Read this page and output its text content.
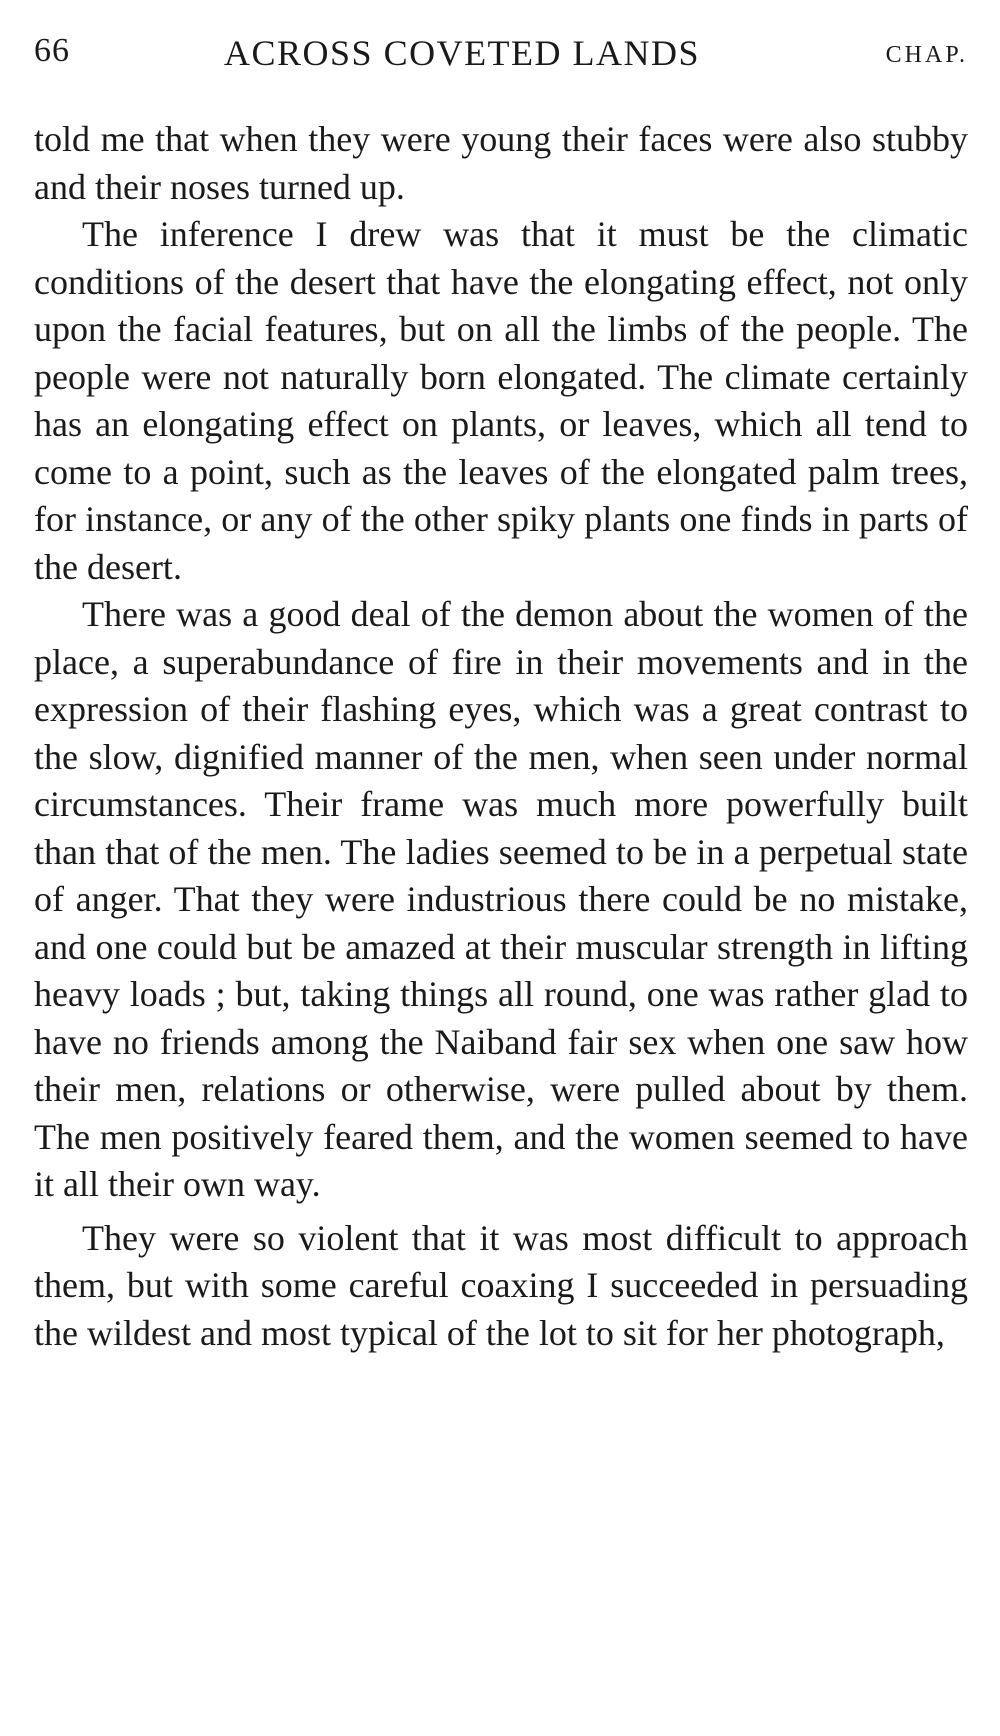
66	ACROSS COVETED LANDS	CHAP.

told me that when they were young their faces were also stubby and their noses turned up.

The inference I drew was that it must be the climatic conditions of the desert that have the elongating effect, not only upon the facial features, but on all the limbs of the people. The people were not naturally born elongated. The climate certainly has an elongating effect on plants, or leaves, which all tend to come to a point, such as the leaves of the elongated palm trees, for instance, or any of the other spiky plants one finds in parts of the desert.

There was a good deal of the demon about the women of the place, a superabundance of fire in their movements and in the expression of their flashing eyes, which was a great contrast to the slow, dignified manner of the men, when seen under normal circumstances. Their frame was much more powerfully built than that of the men. The ladies seemed to be in a perpetual state of anger. That they were industrious there could be no mistake, and one could but be amazed at their muscular strength in lifting heavy loads ; but, taking things all round, one was rather glad to have no friends among the Naiband fair sex when one saw how their men, relations or otherwise, were pulled about by them. The men positively feared them, and the women seemed to have it all their own way.

They were so violent that it was most difficult to approach them, but with some careful coaxing I succeeded in persuading the wildest and most typical of the lot to sit for her photograph,
